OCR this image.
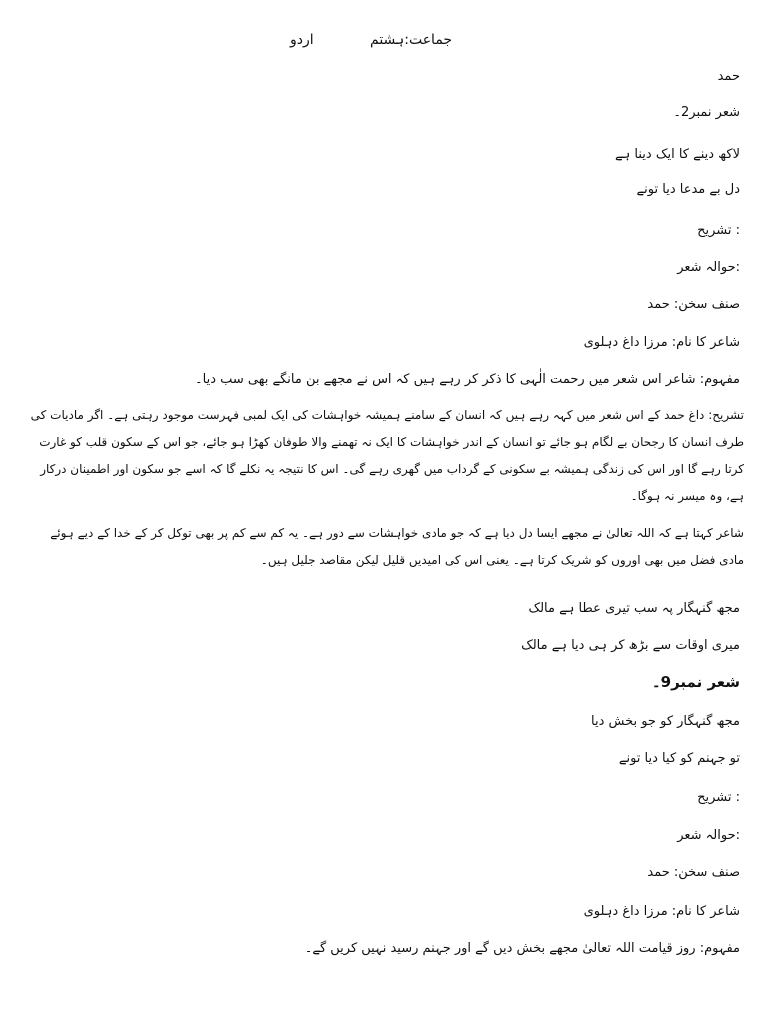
جماعت:ہشتم
اردو
حمد
شعر نمبر2۔
لاکھ دینے کا ایک دینا ہے
دل بے مدعا دیا تونے
: تشریح
:حوالہ شعر
صنف سخن: حمد
شاعر کا نام: مرزا داغ دہلوی
مفہوم: شاعر اس شعر میں رحمت الٰہی کا ذکر کر رہے ہیں کہ اس نے مجھے بن مانگے بھی سب دیا۔
تشریح: داغ حمد کے اس شعر میں کہہ رہے ہیں کہ انسان کے سامنے ہمیشہ خواہشات کی ایک لمبی فہرست موجود رہتی ہے۔ اگر مادیات کی طرف انسان کا رجحان بے لگام ہو جائے تو انسان کے اندر خواہشات کا ایک نہ تھمنے والا طوفان کھڑا ہو جائے، جو اس کے سکون قلب کو غارت کرتا رہے گا اور اس کی زندگی ہمیشہ بے سکونی کے گرداب میں گھری رہے گی۔ اس کا نتیجہ یہ نکلے گا کہ اسے جو سکون اور اطمینان درکار ہے، وہ میسر نہ ہوگا۔
شاعر کہتا ہے کہ اللہ تعالیٰ نے مجھے ایسا دل دیا ہے کہ جو مادی خواہشات سے دور ہے۔ یہ کم سے کم پر بھی توکل کر کے خدا کے دیے ہوئے مادی فضل میں بھی اوروں کو شریک کرتا ہے۔ یعنی اس کی امیدیں قلیل لیکن مقاصد جلیل ہیں۔
مجھ گنہگار پہ سب تیری عطا ہے مالک
میری اوقات سے بڑھ کر ہی دیا ہے مالک
شعر نمبر9۔
مجھ گنہگار کو جو بخش دیا
تو جہنم کو کیا دیا تونے
: تشریح
:حوالہ شعر
صنف سخن: حمد
شاعر کا نام: مرزا داغ دہلوی
مفہوم: روز قیامت اللہ تعالیٰ مجھے بخش دیں گے اور جہنم رسید نہیں کریں گے۔
